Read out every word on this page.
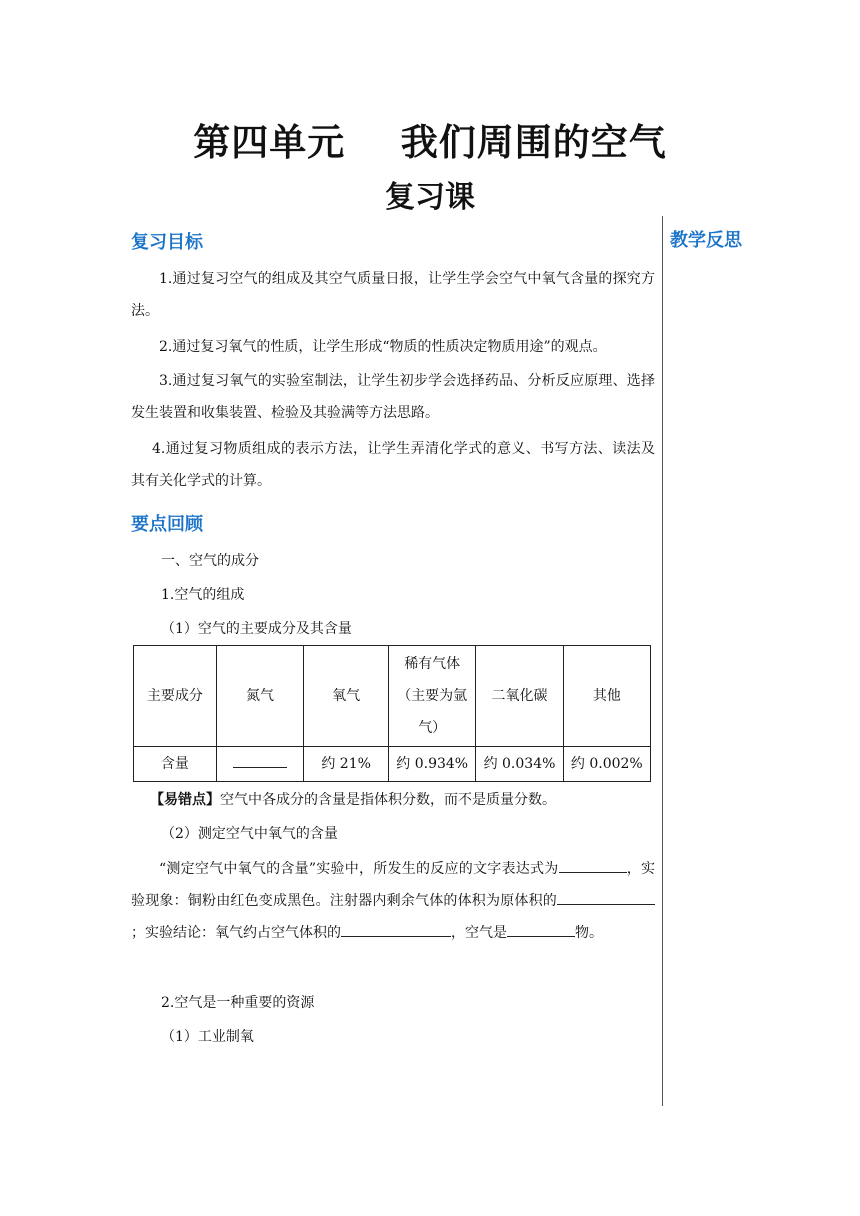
第四单元    我们周围的空气
复习课
教学反思
复习目标
1.通过复习空气的组成及其空气质量日报，让学生学会空气中氧气含量的探究方法。
2.通过复习氧气的性质，让学生形成“物质的性质决定物质用途”的观点。
3.通过复习氧气的实验室制法，让学生初步学会选择药品、分析反应原理、选择发生装置和收集装置、检验及其验满等方法思路。
4.通过复习物质组成的表示方法，让学生弄清化学式的意义、书写方法、读法及其有关化学式的计算。
要点回顾
一、空气的成分
1.空气的组成
（1）空气的主要成分及其含量
主要成分	氮气	氧气	稀有气体（主要为氩气）	二氧化碳	其他
含量		约 21%	约 0.934%	约 0.034%	约 0.002%
【易错点】空气中各成分的含量是指体积分数，而不是质量分数。
（2）测定空气中氧气的含量
“测定空气中氧气的含量”实验中，所发生的反应的文字表达式为	，实验现象：铜粉由红色变成黑色。注射器内剩余气体的体积为原体积的；实验结论：氧气约占空气体积的	，空气是	物。
2.空气是一种重要的资源
（1）工业制氧
